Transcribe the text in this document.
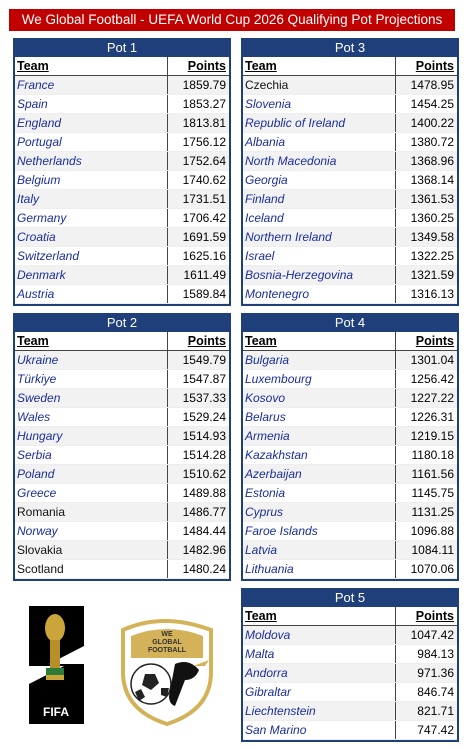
We Global Football - UEFA World Cup 2026 Qualifying Pot Projections
Pot 1
Team	Points
France	1859.79
Spain	1853.27
England	1813.81
Portugal	1756.12
Netherlands	1752.64
Belgium	1740.62
Italy	1731.51
Germany	1706.42
Croatia	1691.59
Switzerland	1625.16
Denmark	1611.49
Austria	1589.84
Pot 3
Team	Points
Czechia	1478.95
Slovenia	1454.25
Republic of Ireland	1400.22
Albania	1380.72
North Macedonia	1368.96
Georgia	1368.14
Finland	1361.53
Iceland	1360.25
Northern Ireland	1349.58
Israel	1322.25
Bosnia-Herzegovina	1321.59
Montenegro	1316.13
Pot 2
Team	Points
Ukraine	1549.79
Türkiye	1547.87
Sweden	1537.33
Wales	1529.24
Hungary	1514.93
Serbia	1514.28
Poland	1510.62
Greece	1489.88
Romania	1486.77
Norway	1484.44
Slovakia	1482.96
Scotland	1480.24
Pot 4
Team	Points
Bulgaria	1301.04
Luxembourg	1256.42
Kosovo	1227.22
Belarus	1226.31
Armenia	1219.15
Kazakhstan	1180.18
Azerbaijan	1161.56
Estonia	1145.75
Cyprus	1131.25
Faroe Islands	1096.88
Latvia	1084.11
Lithuania	1070.06
Pot 5
Team	Points
Moldova	1047.42
Malta	984.13
Andorra	971.36
Gibraltar	846.74
Liechtenstein	821.71
San Marino	747.42
FIFA
WE
GLOBAL
FOOTBALL
